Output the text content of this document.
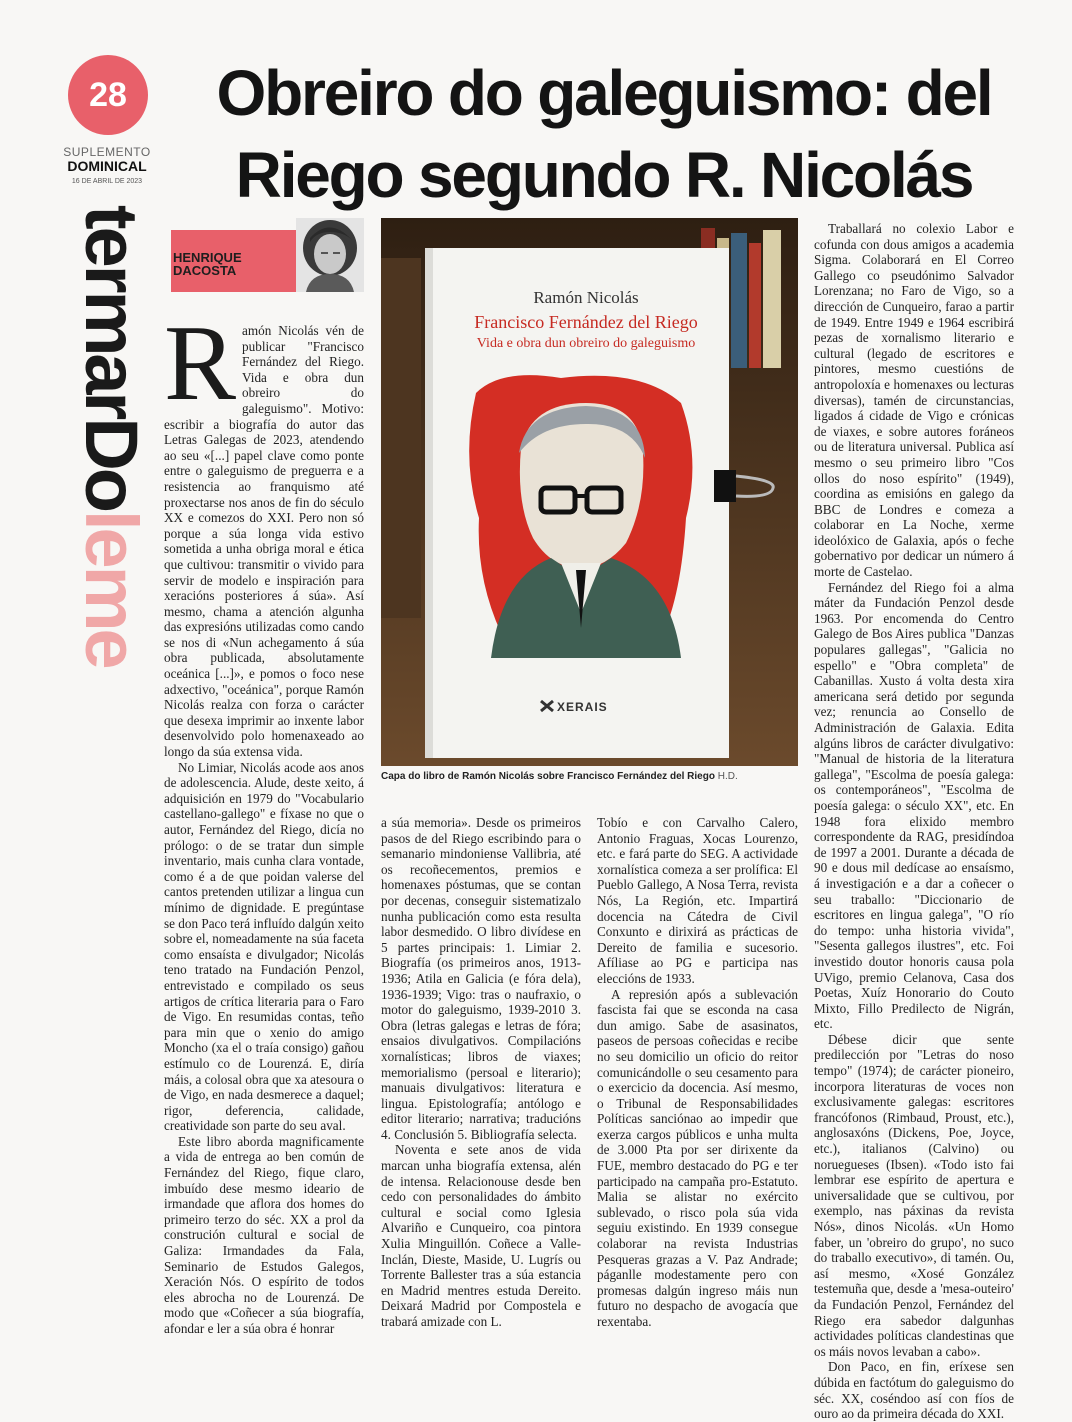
28
SUPLEMENTO
DOMINICAL
16 DE ABRIL DE 2023
Obreiro do galeguismo: del Riego segundo R. Nicolás
termarDoleme
HENRIQUE
DACOSTA
Ramón Nicolás
Francisco Fernández del Riego
Vida e obra dun obreiro do galeguismo
XERAIS
Capa do libro de Ramón Nicolás sobre Francisco Fernández del Riego H.D.
R amón Nicolás vén de publicar "Francisco Fernández del Riego. Vida e obra dun obreiro do galeguismo". Motivo: escribir a biografía do autor das Letras Galegas de 2023, atendendo ao seu «[...] papel clave como ponte entre o galeguismo de preguerra e a resistencia ao franquismo até proxectarse nos anos de fin do século XX e comezos do XXI. Pero non só porque a súa longa vida estivo sometida a unha obriga moral e ética que cultivou: transmitir o vivido para servir de modelo e inspiración para xeracións posteriores á súa». Así mesmo, chama a atención algunha das expresións utilizadas como cando se nos di «Nun achegamento á súa obra publicada, absolutamente oceánica [...]», e pomos o foco nese adxectivo, "oceánica", porque Ramón Nicolás realza con forza o carácter que desexa imprimir ao inxente labor desenvolvido polo homenaxeado ao longo da súa extensa vida.

No Limiar, Nicolás acode aos anos de adolescencia. Alude, deste xeito, á adquisición en 1979 do "Vocabulario castellano-gallego" e fíxase no que o autor, Fernández del Riego, dicía no prólogo: o de se tratar dun simple inventario, mais cunha clara vontade, como é a de que poidan valerse del cantos pretenden utilizar a lingua cun mínimo de dignidade. E pregúntase se don Paco terá influído dalgún xeito sobre el, nomeadamente na súa faceta como ensaísta e divulgador; Nicolás teno tratado na Fundación Penzol, entrevistado e compilado os seus artigos de crítica literaria para o Faro de Vigo. En resumidas contas, teño para min que o xenio do amigo Moncho (xa el o traía consigo) gañou estímulo co de Lourenzá. E, diría máis, a colosal obra que xa atesoura o de Vigo, en nada desmerece a daquel; rigor, deferencia, calidade, creatividade son parte do seu aval.

Este libro aborda magnificamente a vida de entrega ao ben común de Fernández del Riego, fique claro, imbuído dese mesmo ideario de irmandade que aflora dos homes do primeiro terzo do séc. XX a prol da construción cultural e social de Galiza: Irmandades da Fala, Seminario de Estudos Galegos, Xeración Nós. O espírito de todos eles abrocha no de Lourenzá. De modo que «Coñecer a súa biografía, afondar e ler a súa obra é honrar

a súa memoria». Desde os primeiros pasos de del Riego escribindo para o semanario mindoniense Vallibria, até os recoñecementos, premios e homenaxes póstumas, que se contan por decenas, conseguir sistematizalo nunha publicación como esta resulta labor desmedido. O libro divídese en 5 partes principais: 1. Limiar 2. Biografía (os primeiros anos, 1913-1936; Atila en Galicia (e fóra dela), 1936-1939; Vigo: tras o naufraxio, o motor do galeguismo, 1939-2010 3. Obra (letras galegas e letras de fóra; ensaios divulgativos. Compilacións xornalísticas; libros de viaxes; memorialismo (persoal e literario); manuais divulgativos: literatura e lingua. Epistolografía; antólogo e editor literario; narrativa; traducións 4. Conclusión 5. Bibliografía selecta.

Noventa e sete anos de vida marcan unha biografía extensa, alén de intensa. Relacionouse desde ben cedo con personalidades do ámbito cultural e social como Iglesia Alvariño e Cunqueiro, coa pintora Xulia Minguillón. Coñece a Valle-Inclán, Dieste, Maside, U. Lugrís ou Torrente Ballester tras a súa estancia en Madrid mentres estuda Dereito. Deixará Madrid por Compostela e trabará amizade con L.

Tobío e con Carvalho Calero, Antonio Fraguas, Xocas Lourenzo, etc. e fará parte do SEG. A actividade xornalística comeza a ser prolífica: El Pueblo Gallego, A Nosa Terra, revista Nós, La Región, etc. Impartirá docencia na Cátedra de Civil Conxunto e dirixirá as prácticas de Dereito de familia e sucesorio. Afíliase ao PG e participa nas eleccións de 1933.

A represión após a sublevación fascista fai que se esconda na casa dun amigo. Sabe de asasinatos, paseos de persoas coñecidas e recibe no seu domicilio un oficio do reitor comunicándolle o seu cesamento para o exercicio da docencia. Así mesmo, o Tribunal de Responsabilidades Políticas sanciónao ao impedir que exerza cargos públicos e unha multa de 3.000 Pta por ser dirixente da FUE, membro destacado do PG e ter participado na campaña pro-Estatuto. Malia se alistar no exército sublevado, o risco pola súa vida seguiu existindo. En 1939 consegue colaborar na revista Industrias Pesqueras grazas a V. Paz Andrade; páganlle modestamente pero con promesas dalgún ingreso máis nun futuro no despacho de avogacía que rexentaba.

Traballará no colexio Labor e cofunda con dous amigos a academia Sigma. Colaborará en El Correo Gallego co pseudónimo Salvador Lorenzana; no Faro de Vigo, so a dirección de Cunqueiro, farao a partir de 1949. Entre 1949 e 1964 escribirá pezas de xornalismo literario e cultural (legado de escritores e pintores, mesmo cuestións de antropoloxía e homenaxes ou lecturas diversas), tamén de circunstancias, ligados á cidade de Vigo e crónicas de viaxes, e sobre autores foráneos ou de literatura universal. Publica así mesmo o seu primeiro libro "Cos ollos do noso espírito" (1949), coordina as emisións en galego da BBC de Londres e comeza a colaborar en La Noche, xerme ideolóxico de Galaxia, após o feche gobernativo por dedicar un número á morte de Castelao.

Fernández del Riego foi a alma máter da Fundación Penzol desde 1963. Por encomenda do Centro Galego de Bos Aires publica "Danzas populares gallegas", "Galicia no espello" e "Obra completa" de Cabanillas. Xusto á volta desta xira americana será detido por segunda vez; renuncia ao Consello de Administración de Galaxia. Edita algúns libros de carácter divulgativo: "Manual de historia de la literatura gallega", "Escolma de poesía galega: os contemporáneos", "Escolma de poesía galega: o século XX", etc. En 1948 fora elixido membro correspondente da RAG, presidíndoa de 1997 a 2001. Durante a década de 90 e dous mil dedícase ao ensaísmo, á investigación e a dar a coñecer o seu traballo: "Diccionario de escritores en lingua galega", "O río do tempo: unha historia vivida", "Sesenta gallegos ilustres", etc. Foi investido doutor honoris causa pola UVigo, premio Celanova, Casa dos Poetas, Xuíz Honorario do Couto Mixto, Fillo Predilecto de Nigrán, etc.

Débese dicir que sente predilección por "Letras do noso tempo" (1974); de carácter pioneiro, incorpora literaturas de voces non exclusivamente galegas: escritores francófonos (Rimbaud, Proust, etc.), anglosaxóns (Dickens, Poe, Joyce, etc.), italianos (Calvino) ou noruegueses (Ibsen). «Todo isto fai lembrar ese espírito de apertura e universalidade que se cultivou, por exemplo, nas páxinas da revista Nós», dinos Nicolás. «Un Homo faber, un 'obreiro do grupo', no suco do traballo executivo», di tamén. Ou, así mesmo, «Xosé González testemuña que, desde a 'mesa-outeiro' da Fundación Penzol, Fernández del Riego era sabedor dalgunhas actividades políticas clandestinas que os máis novos levaban a cabo».

Don Paco, en fin, eríxese sen dúbida en factótum do galeguismo do séc. XX, coséndoo así con fíos de ouro ao da primeira década do XXI.
